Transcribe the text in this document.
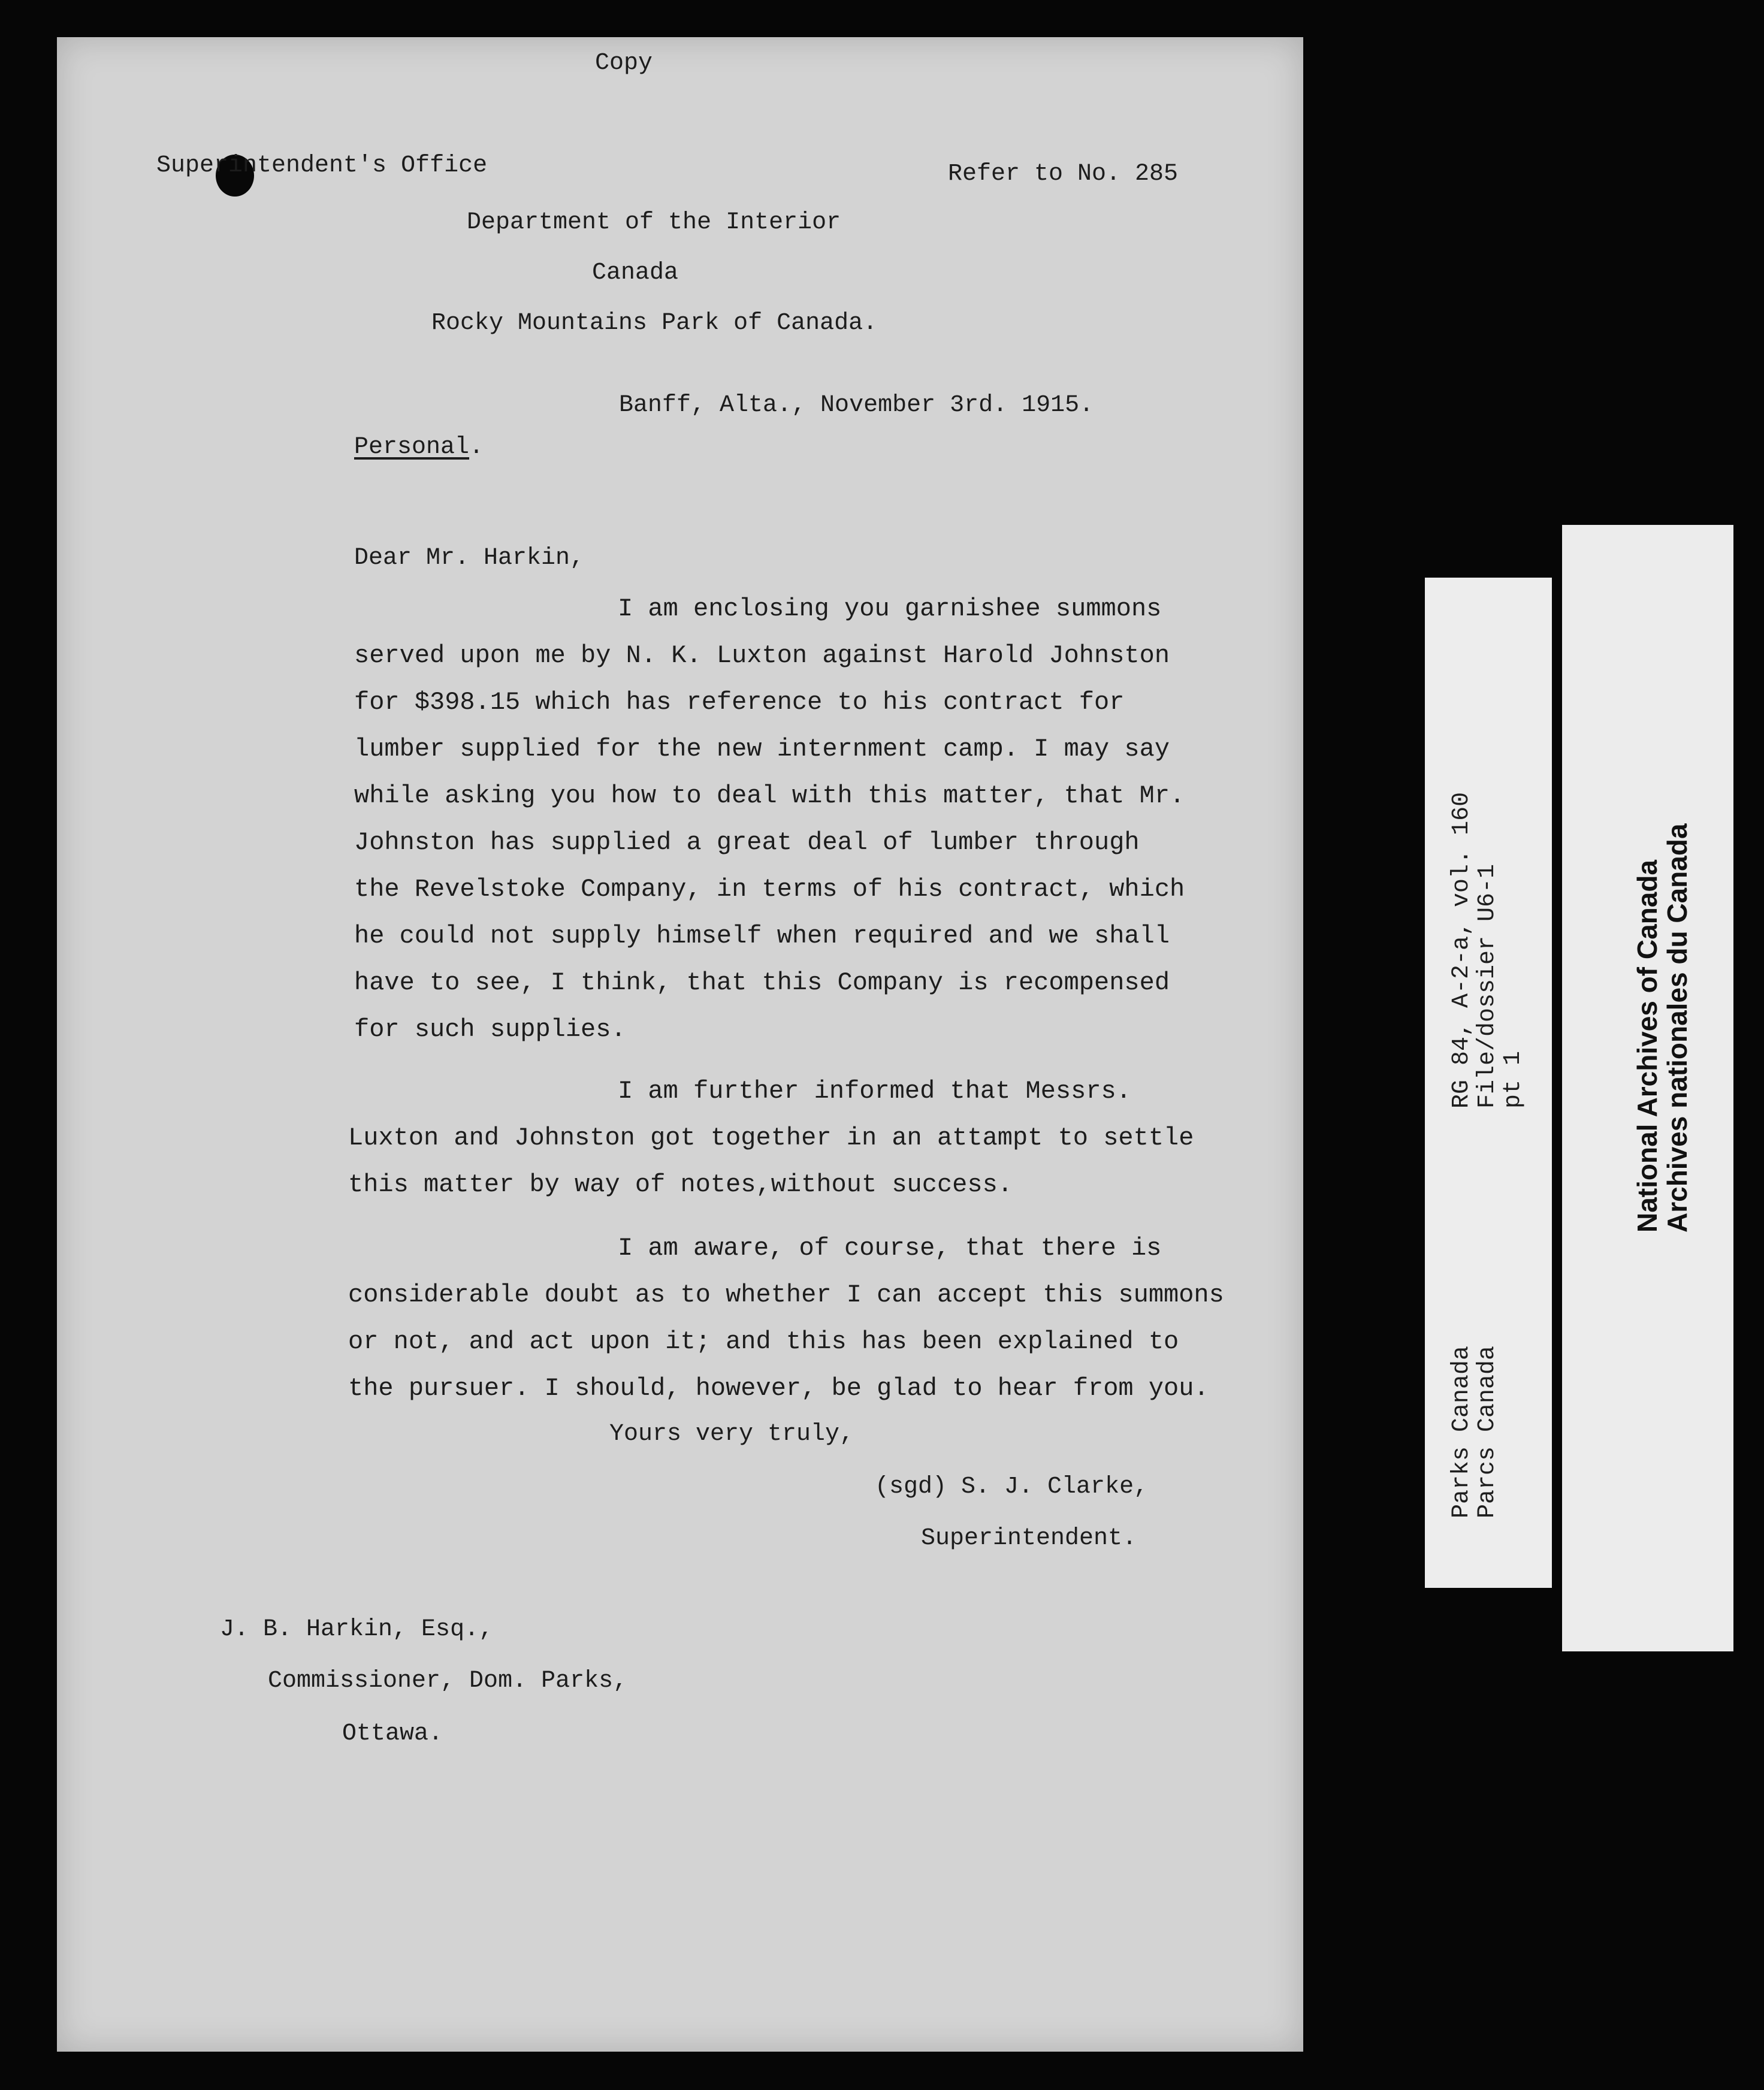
Copy
Superintendent's Office	Refer to No. 285
Department of the Interior
Canada
Rocky Mountains Park of Canada.
Banff, Alta., November 3rd. 1915.
Personal.
Dear Mr. Harkin,
I am enclosing you garnishee summons
served upon me by N. K. Luxton against Harold Johnston
for $398.15 which has reference to his contract for
lumber supplied for the new internment camp. I may say
while asking you how to deal with this matter, that Mr.
Johnston has supplied a great deal of lumber through
the Revelstoke Company, in terms of his contract, which
he could not supply himself when required and we shall
have to see, I think, that this Company is recompensed
for such supplies.
I am further informed that Messrs.
Luxton and Johnston got together in an attampt to settle
this matter by way of notes,without success.
I am aware, of course, that there is
considerable doubt as to whether I can accept this summons
or not, and act upon it; and this has been explained to
the pursuer. I should, however, be glad to hear from you.
Yours very truly,
(sgd) S. J. Clarke,
Superintendent.
J. B. Harkin, Esq.,
Commissioner, Dom. Parks,
Ottawa.
RG 84, A-2-a, vol. 160
File/dossier U6-1
pt 1
Parks Canada
Parcs Canada
National Archives of Canada
Archives nationales du Canada
